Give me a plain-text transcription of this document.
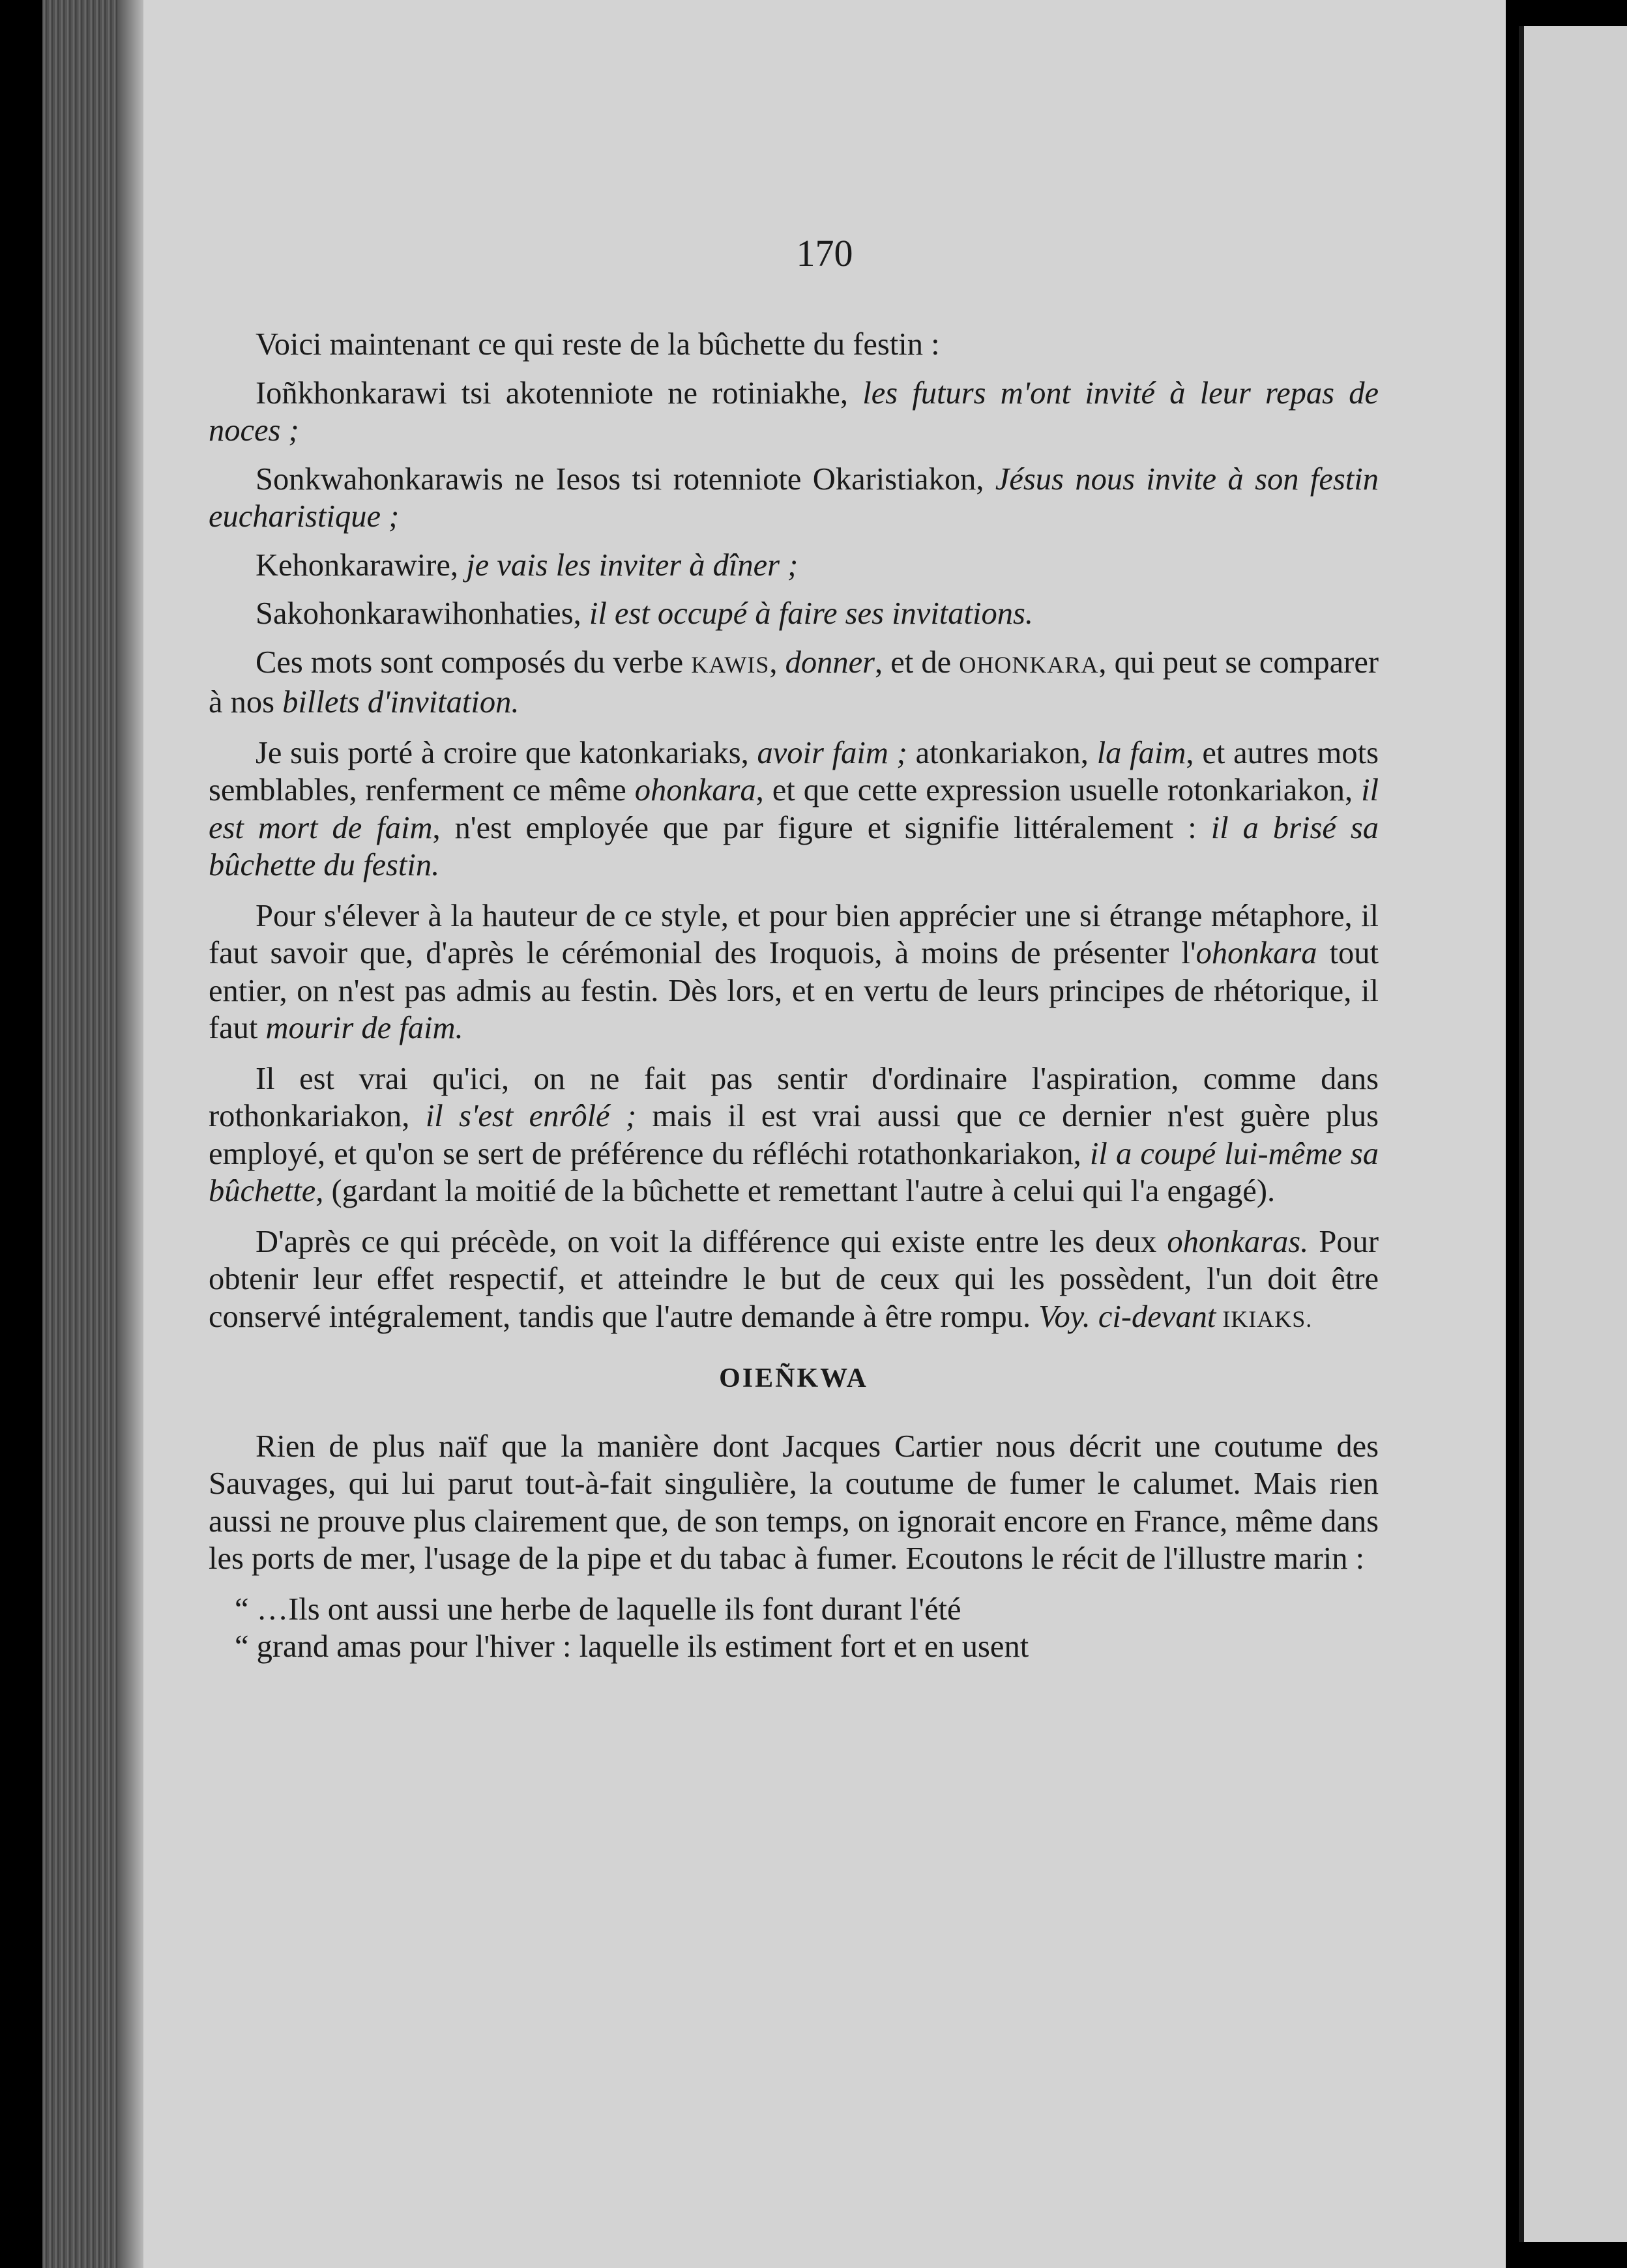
170

Voici maintenant ce qui reste de la bûchette du festin :

Ioñkhonkarawi tsi akotenniote ne rotiniakhe, les futurs m'ont invité à leur repas de noces ;

Sonkwahonkarawis ne Iesos tsi rotenniote Okaristiakon, Jésus nous invite à son festin eucharistique ;

Kehonkarawire, je vais les inviter à dîner ;

Sakohonkarawihonhaties, il est occupé à faire ses invitations.

Ces mots sont composés du verbe KAWIS, donner, et de OHONKARA, qui peut se comparer à nos billets d'invitation.

Je suis porté à croire que katonkariaks, avoir faim ; atonkariakon, la faim, et autres mots semblables, renferment ce même ohonkara, et que cette expression usuelle rotonkariakon, il est mort de faim, n'est employée que par figure et signifie littéralement : il a brisé sa bûchette du festin.

Pour s'élever à la hauteur de ce style, et pour bien apprécier une si étrange métaphore, il faut savoir que, d'après le cérémonial des Iroquois, à moins de présenter l'ohonkara tout entier, on n'est pas admis au festin. Dès lors, et en vertu de leurs principes de rhétorique, il faut mourir de faim.

Il est vrai qu'ici, on ne fait pas sentir d'ordinaire l'aspiration, comme dans rothonkariakon, il s'est enrôlé ; mais il est vrai aussi que ce dernier n'est guère plus employé, et qu'on se sert de préférence du réfléchi rotathonkariakon, il a coupé lui-même sa bûchette, (gardant la moitié de la bûchette et remettant l'autre à celui qui l'a engagé).

D'après ce qui précède, on voit la différence qui existe entre les deux ohonkaras. Pour obtenir leur effet respectif, et atteindre le but de ceux qui les possèdent, l'un doit être conservé intégralement, tandis que l'autre demande à être rompu. Voy. ci-devant IKIAKS.

OIEÑKWA

Rien de plus naïf que la manière dont Jacques Cartier nous décrit une coutume des Sauvages, qui lui parut tout-à-fait singulière, la coutume de fumer le calumet. Mais rien aussi ne prouve plus clairement que, de son temps, on ignorait encore en France, même dans les ports de mer, l'usage de la pipe et du tabac à fumer. Ecoutons le récit de l'illustre marin :

“ …Ils ont aussi une herbe de laquelle ils font durant l'été

“ grand amas pour l'hiver : laquelle ils estiment fort et en usent
